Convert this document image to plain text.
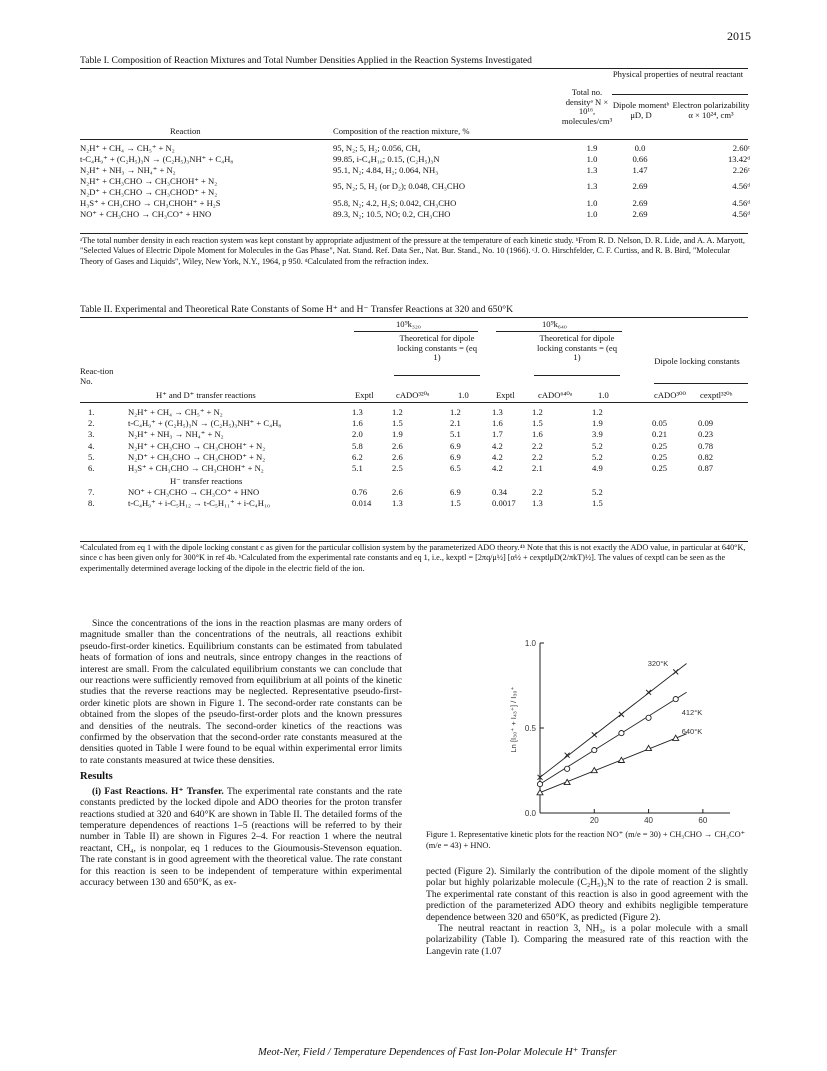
2015
Table I. Composition of Reaction Mixtures and Total Number Densities Applied in the Reaction Systems Investigated
Physical properties of neutral reactant
Total no. densityᵃ N × 10¹⁶, molecules/cm³
Dipole momentᵇ μD, D
Electron polarizability α × 10²⁴, cm³
Reaction	Composition of the reaction mixture, %
N₂H⁺ + CH₄ → CH₅⁺ + N₂	95, N₂; 5, H₂; 0.056, CH₄	1.9	0.0	2.60ᶜ
t-C₄H₉⁺ + (C₂H₅)₃N → (C₂H₅)₃NH⁺ + C₄H₈	99.85, i-C₄H₁₀; 0.15, (C₂H₅)₃N	1.0	0.66	13.42ᵈ
N₂H⁺ + NH₃ → NH₄⁺ + N₂	95.1, N₂; 4.84, H₂; 0.064, NH₃	1.3	1.47	2.26ᶜ
N₂H⁺ + CH₃CHO → CH₃CHOH⁺ + N₂
N₂D⁺ + CH₃CHO → CH₃CHOD⁺ + N₂
95, N₂; 5, H₂ (or D₂); 0.048, CH₃CHO	1.3	2.69	4.56ᵈ
H₃S⁺ + CH₃CHO → CH₃CHOH⁺ + H₂S	95.8, N₂; 4.2, H₂S; 0.042, CH₃CHO	1.0	2.69	4.56ᵈ
NO⁺ + CH₃CHO → CH₃CO⁺ + HNO	89.3, N₂; 10.5, NO; 0.2, CH₃CHO	1.0	2.69	4.56ᵈ
ᵃThe total number density in each reaction system was kept constant by appropriate adjustment of the pressure at the temperature of each kinetic study. ᵇFrom R. D. Nelson, D. R. Lide, and A. A. Maryott, "Selected Values of Electric Dipole Moment for Molecules in the Gas Phase", Nat. Stand. Ref. Data Ser., Nat. Bur. Stand., No. 10 (1966). ᶜJ. O. Hirschfelder, C. F. Curtiss, and R. B. Bird, "Molecular Theory of Gases and Liquids", Wiley, New York, N.Y., 1964, p 950. ᵈCalculated from the refraction index.
Table II. Experimental and Theoretical Rate Constants of Some H⁺ and H⁻ Transfer Reactions at 320 and 650°K
10⁹k₃₂₀	10⁹k₆₄₀
Theoretical for dipole locking constants = (eq 1)
Theoretical for dipole locking constants = (eq 1)	Dipole locking constants
Reac-tion No.
H⁺ and D⁺ transfer reactions	Exptl	cADO³²⁰ᵃ	1.0	Exptl	cADO⁶⁴⁰ᵃ	1.0	cADO³⁰⁰ cexptl³²⁰ᵇ
1.	N₂H⁺ + CH₄ → CH₅⁺ + N₂	1.3	1.2	1.2	1.3	1.2	1.2
2.	t-C₄H₉⁺ + (C₂H₅)₃N → (C₂H₅)₃NH⁺ + C₄H₈	1.6	1.5	2.1	1.6	1.5	1.9	0.05	0.09
3.	N₂H⁺ + NH₃ → NH₄⁺ + N₂	2.0	1.9	5.1	1.7	1.6	3.9	0.21	0.23
4.	N₂H⁺ + CH₃CHO → CH₃CHOH⁺ + N₂	5.8	2.6	6.9	4.2	2.2	5.2	0.25	0.78
5.	N₂D⁺ + CH₃CHO → CH₃CHOD⁺ + N₂	6.2	2.6	6.9	4.2	2.2	5.2	0.25	0.82
6.	H₃S⁺ + CH₃CHO → CH₃CHOH⁺ + N₂	5.1	2.5	6.5	4.2	2.1	4.9	0.25	0.87
H⁻ transfer reactions
7.	NO⁺ + CH₃CHO → CH₃CO⁺ + HNO	0.76	2.6	6.9	0.34	2.2	5.2
8.	t-C₄H₉⁺ + i-C₅H₁₂ → t-C₅H₁₁⁺ + i-C₄H₁₀	0.014	1.3	1.5	0.0017	1.3	1.5
ᵃCalculated from eq 1 with the dipole locking constant c as given for the particular collision system by the parameterized ADO theory.⁴ᵇ Note that this is not exactly the ADO value, in particular at 640°K, since c has been given only for 300°K in ref 4b. ᵇCalculated from the experimental rate constants and eq 1, i.e., kexptl = [2πq/μ½] [α½ + cexptlμD(2/πkT)½]. The values of cexptl can be seen as the experimentally determined average locking of the dipole in the electric field of the ion.

Since the concentrations of the ions in the reaction plasmas are many orders of magnitude smaller than the concentrations of the neutrals, all reactions exhibit pseudo-first-order kinetics. Equilibrium constants can be estimated from tabulated heats of formation of ions and neutrals, since entropy changes in the reactions of interest are small. From the calculated equilibrium constants we can conclude that our reactions were sufficiently removed from equilibrium at all points of the kinetic studies that the reverse reactions may be neglected. Representative pseudo-first-order kinetic plots are shown in Figure 1. The second-order rate constants can be obtained from the slopes of the pseudo-first-order plots and the known pressures and densities of the neutrals. The second-order kinetics of the reactions was confirmed by the observation that the second-order rate constants measured at the densities quoted in Table I were found to be equal within experimental error limits to rate constants measured at twice these densities.

Results

(i) Fast Reactions. H⁺ Transfer. The experimental rate constants and the rate constants predicted by the locked dipole and ADO theories for the proton transfer reactions studied at 320 and 640°K are shown in Table II. The detailed forms of the temperature dependences of reactions 1–5 (reactions will be referred to by their number in Table II) are shown in Figures 2–4. For reaction 1 where the neutral reactant, CH₄, is nonpolar, eq 1 reduces to the Gioumousis-Stevenson equation. The rate constant is in good agreement with the theoretical value. The rate constant for this reaction is seen to be independent of temperature within experimental accuracy between 130 and 650°K, as ex-

0.0
0.5
1.0
20	40	60
Ln [I₃₀⁺ + I₄₃⁺] / I₃₀⁺
320°K
412°K
640°K
Figure 1. Representative kinetic plots for the reaction NO⁺ (m/e = 30) + CH₃CHO → CH₃CO⁺ (m/e = 43) + HNO.

pected (Figure 2). Similarly the contribution of the dipole moment of the slightly polar but highly polarizable molecule (C₂H₅)₃N to the rate of reaction 2 is small. The experimental rate constant of this reaction is also in good agreement with the prediction of the parameterized ADO theory and exhibits negligible temperature dependence between 320 and 650°K, as predicted (Figure 2).

The neutral reactant in reaction 3, NH₃, is a polar molecule with a small polarizability (Table I). Comparing the measured rate of this reaction with the Langevin rate (1.07

Meot-Ner, Field / Temperature Dependences of Fast Ion-Polar Molecule H⁺ Transfer
